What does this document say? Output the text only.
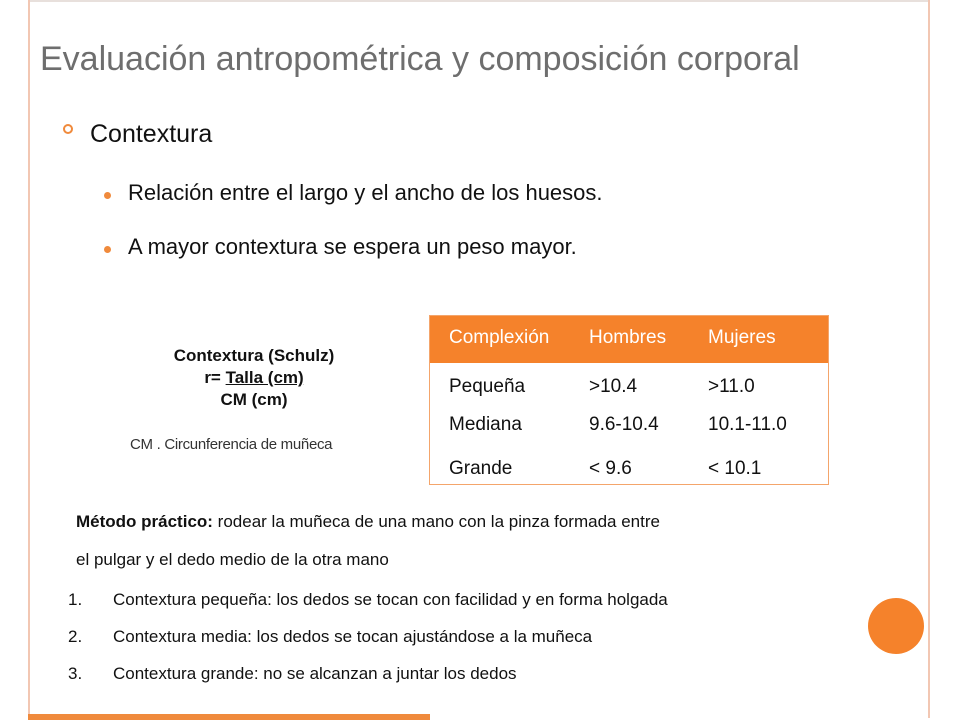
Evaluación antropométrica y composición corporal
Contextura
Relación entre el largo y el ancho de los huesos.
A mayor contextura se espera un peso mayor.
Contextura (Schulz)
r= Talla (cm)
CM (cm)
CM . Circunferencia de muñeca
Complexión Hombres Mujeres
Pequeña	>10.4	>11.0
Mediana	9.6-10.4	10.1-11.0
Grande	< 9.6	< 10.1
Método práctico: rodear la muñeca de una mano con la pinza formada entre
el pulgar y el dedo medio de la otra mano
1. Contextura pequeña: los dedos se tocan con facilidad y en forma holgada
2. Contextura media: los dedos se tocan ajustándose a la muñeca
3. Contextura grande: no se alcanzan a juntar los dedos
